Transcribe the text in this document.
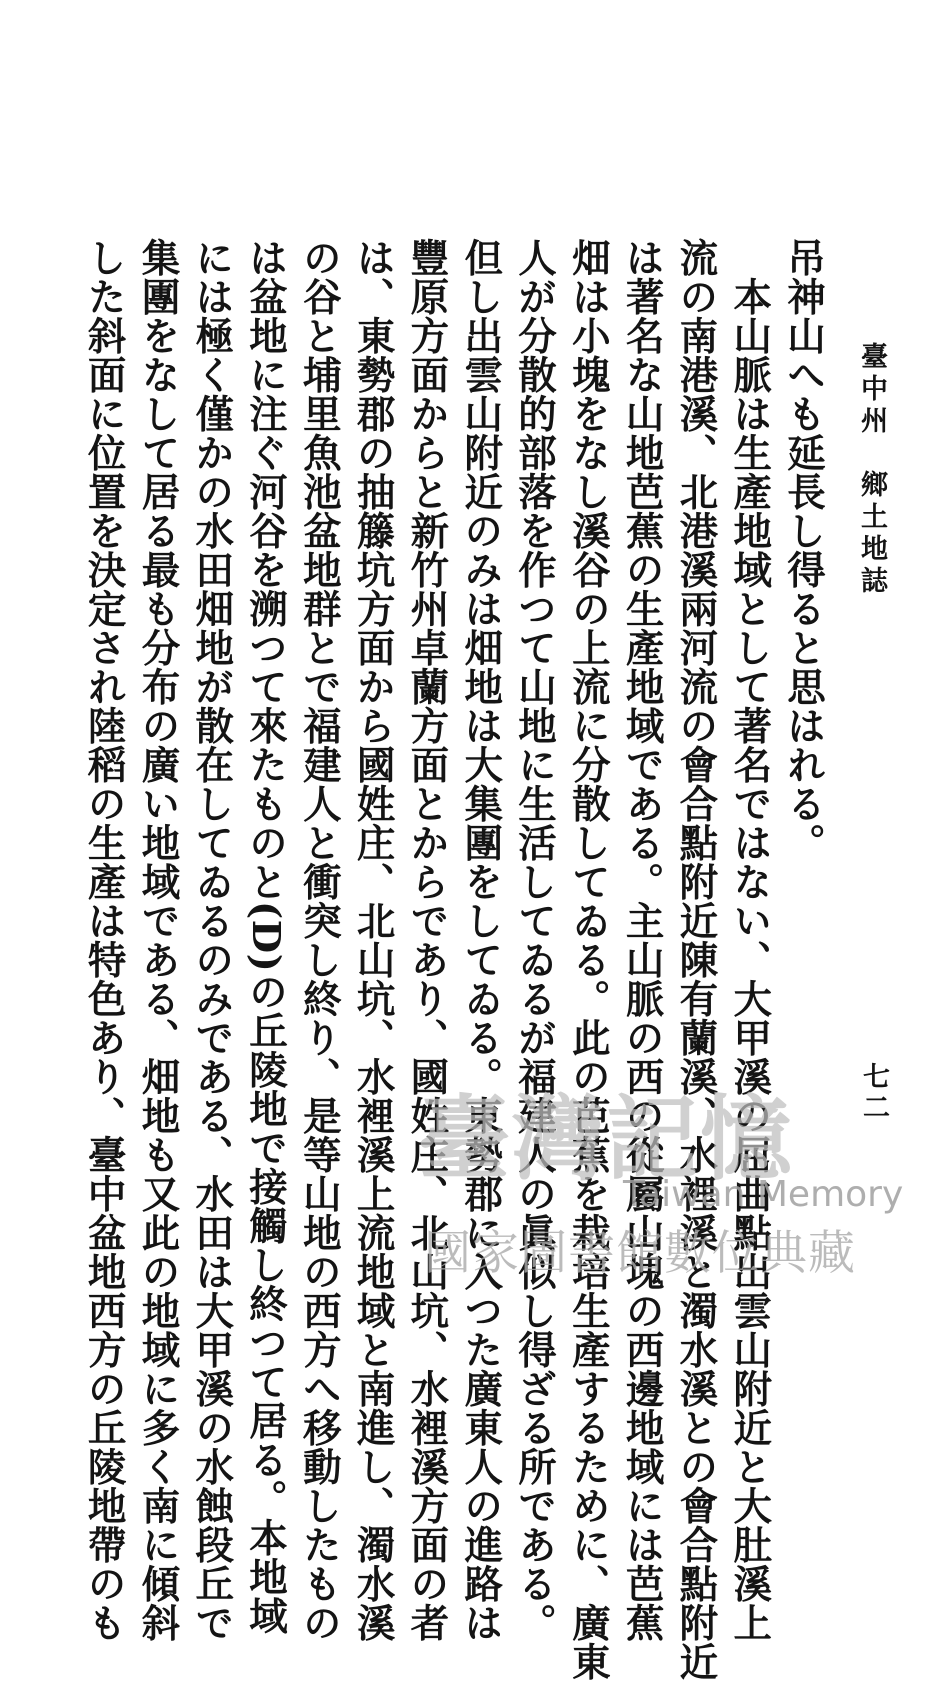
臺中州　鄉土地誌
七二
吊神山へも延長し得ると思はれる。
　本山脈は生產地域として著名ではない、大甲溪の屈曲點出雲山附近と大肚溪上
流の南港溪、北港溪兩河流の會合點附近陳有蘭溪、水裡溪と濁水溪との會合點附近
は著名な山地芭蕉の生產地域である。主山脈の西の從屬山塊の西邊地域には芭蕉
畑は小塊をなし溪谷の上流に分散してゐる。此の芭蕉を栽培生產するために、廣東
人が分散的部落を作つて山地に生活してゐるが福建人の眞似し得ざる所である。
但し出雲山附近のみは畑地は大集團をしてゐる。東勢郡に入つた廣東人の進路は
豐原方面からと新竹州卓蘭方面とからであり、國姓庄、北山坑、水裡溪方面の者
は、東勢郡の抽籐坑方面から國姓庄、北山坑、水裡溪上流地域と南進し、濁水溪
の谷と埔里魚池盆地群とで福建人と衝突し終り、是等山地の西方へ移動したもの
は盆地に注ぐ河谷を溯つて來たものと(D)の丘陵地で接觸し終つて居る。本地域
には極く僅かの水田畑地が散在してゐるのみである、水田は大甲溪の水蝕段丘で
集團をなして居る最も分布の廣い地域である、畑地も又此の地域に多く南に傾斜
した斜面に位置を決定され陸稻の生產は特色あり、臺中盆地西方の丘陵地帶のも	臺灣記憶
Taiwan Memory
國家圖書館數位典藏
